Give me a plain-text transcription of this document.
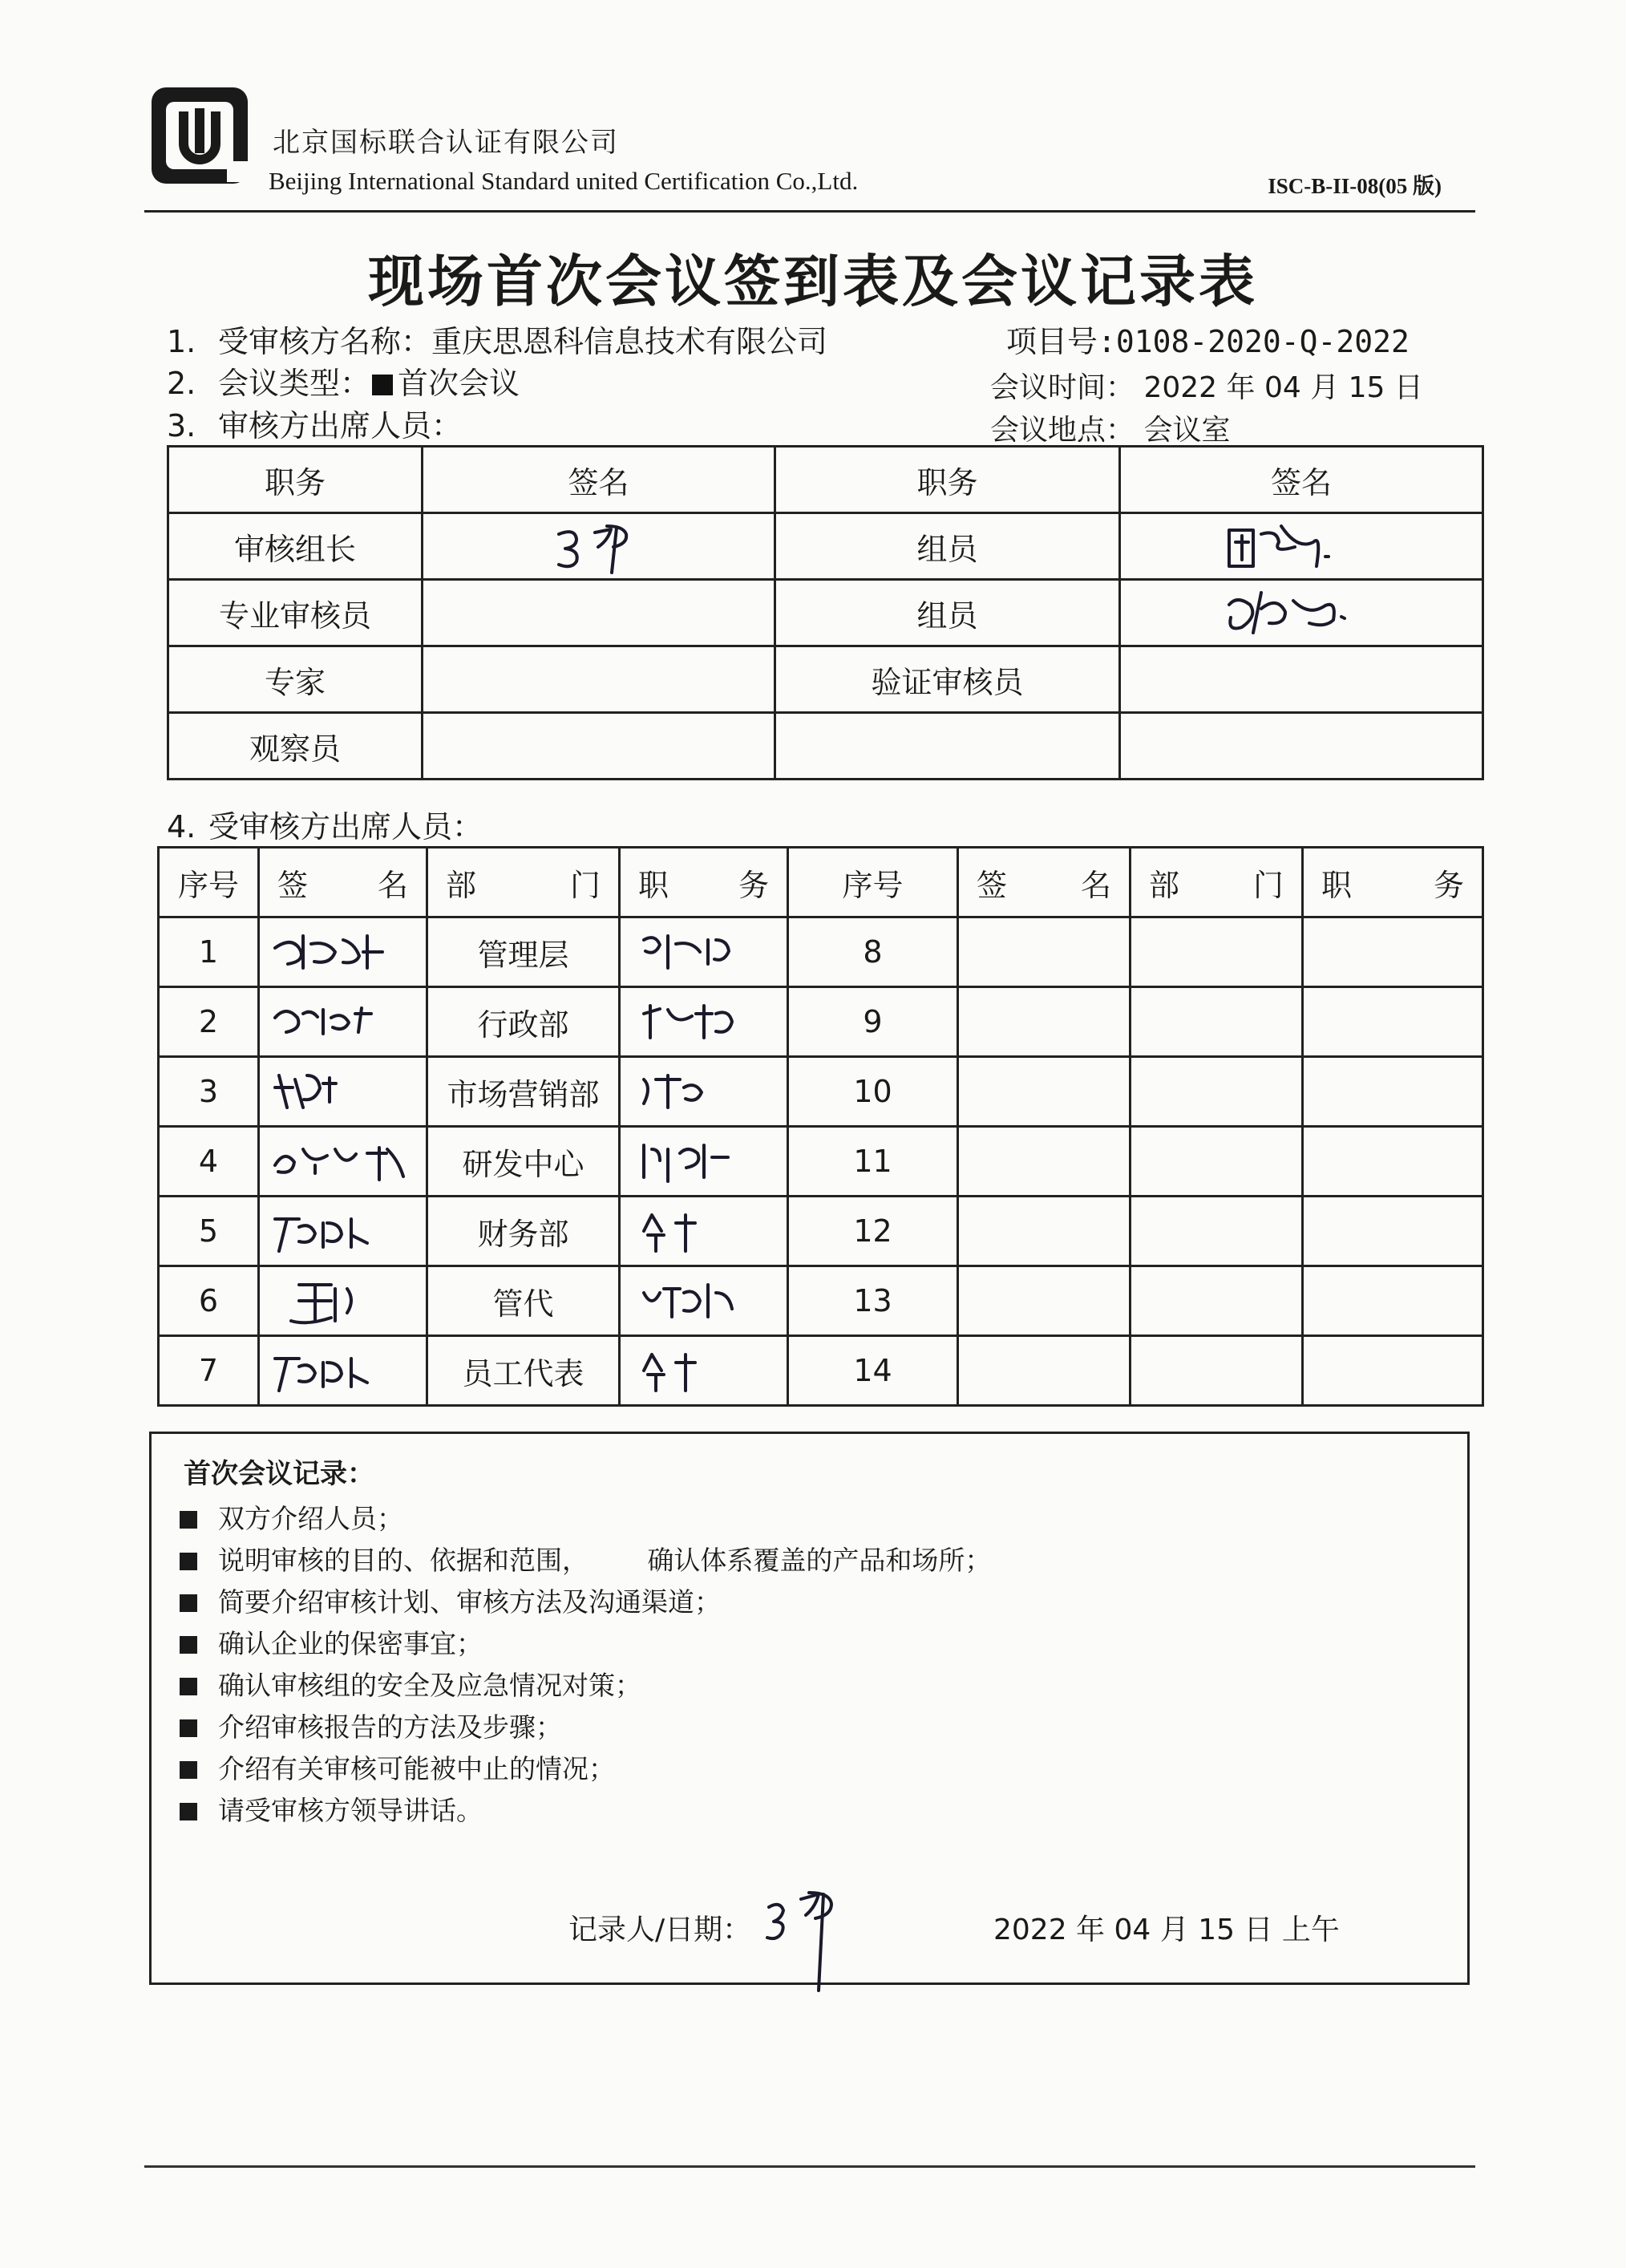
北京国标联合认证有限公司
Beijing International Standard united Certification Co.,Ltd.	ISC-B-II-08(05 版)
现场首次会议签到表及会议记录表
1. 受审核方名称：重庆思恩科信息技术有限公司	项目号:0108-2020-Q-2022
2. 会议类型： 首次会议	会议时间： 2022 年 04 月 15 日
3. 审核方出席人员：	会议地点： 会议室
职务	签名	职务	签名
审核组长		组员	

专业审核员		组员	

专家		验证审核员	
观察员			
4. 受审核方出席人员：
序号	签 名	部 门	职 务	序号	签 名	部 门	职 务

1		管理层		8			
2		行政部		9			
3		市场营销部		10			
4		研发中心		11			
5		财务部		12			
6		管代		13			
7		员工代表		14			
首次会议记录：
双方介绍人员；
说明审核的目的、依据和范围，       确认体系覆盖的产品和场所；
简要介绍审核计划、审核方法及沟通渠道；
确认企业的保密事宜；
确认审核组的安全及应急情况对策；
介绍审核报告的方法及步骤；
介绍有关审核可能被中止的情况；
请受审核方领导讲话。
记录人/日期：	2022 年 04 月 15 日 上午
